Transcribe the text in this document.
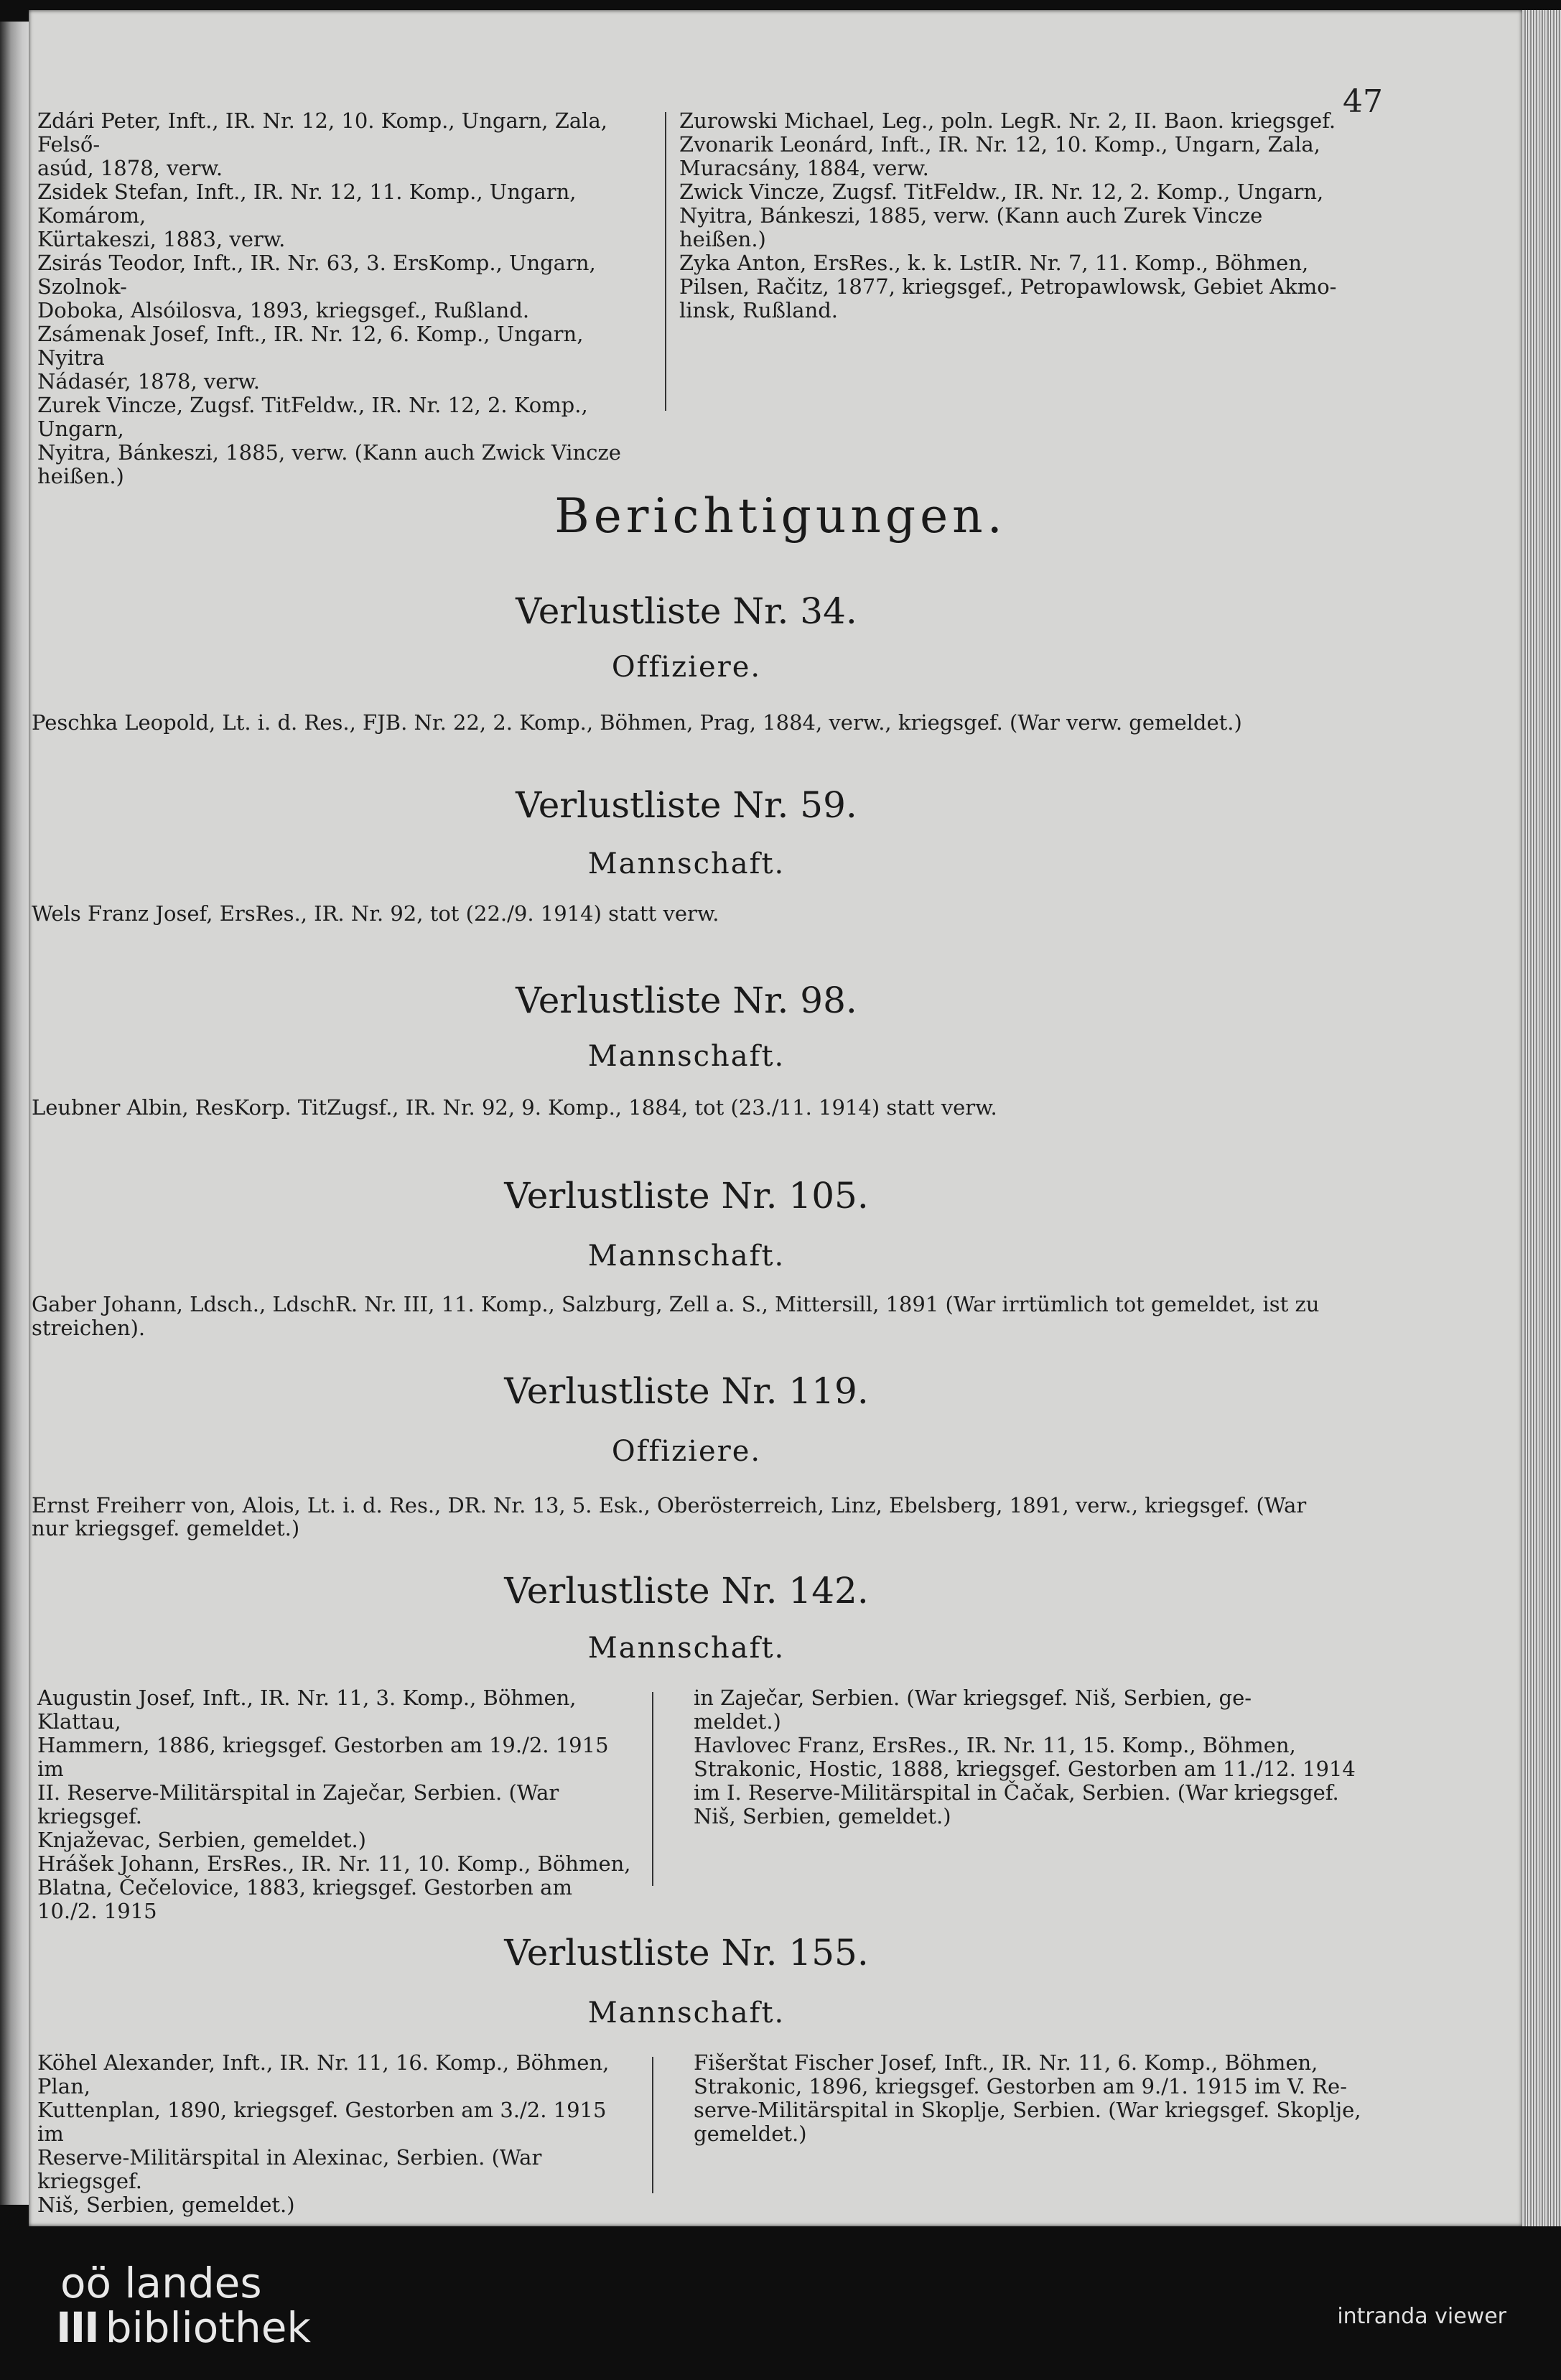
47
Zdári Peter, Inft., IR. Nr. 12, 10. Komp., Ungarn, Zala, Felső-
asúd, 1878, verw.
Zsidek Stefan, Inft., IR. Nr. 12, 11. Komp., Ungarn, Komárom,
Kürtakeszi, 1883, verw.
Zsirás Teodor, Inft., IR. Nr. 63, 3. ErsKomp., Ungarn, Szolnok-
Doboka, Alsóilosva, 1893, kriegsgef., Rußland.
Zsámenak Josef, Inft., IR. Nr. 12, 6. Komp., Ungarn, Nyitra
Nádasér, 1878, verw.
Zurek Vincze, Zugsf. TitFeldw., IR. Nr. 12, 2. Komp., Ungarn,
Nyitra, Bánkeszi, 1885, verw. (Kann auch Zwick Vincze
heißen.)
Zurowski Michael, Leg., poln. LegR. Nr. 2, II. Baon. kriegsgef.
Zvonarik Leonárd, Inft., IR. Nr. 12, 10. Komp., Ungarn, Zala,
Muracsány, 1884, verw.
Zwick Vincze, Zugsf. TitFeldw., IR. Nr. 12, 2. Komp., Ungarn,
Nyitra, Bánkeszi, 1885, verw. (Kann auch Zurek Vincze
heißen.)
Zyka Anton, ErsRes., k. k. LstIR. Nr. 7, 11. Komp., Böhmen,
Pilsen, Račitz, 1877, kriegsgef., Petropawlowsk, Gebiet Akmo-
linsk, Rußland.
Berichtigungen.
Verlustliste Nr. 34.
Offiziere.
Peschka Leopold, Lt. i. d. Res., FJB. Nr. 22, 2. Komp., Böhmen, Prag, 1884, verw., kriegsgef. (War verw. gemeldet.)
Verlustliste Nr. 59.
Mannschaft.
Wels Franz Josef, ErsRes., IR. Nr. 92, tot (22./9. 1914) statt verw.
Verlustliste Nr. 98.
Mannschaft.
Leubner Albin, ResKorp. TitZugsf., IR. Nr. 92, 9. Komp., 1884, tot (23./11. 1914) statt verw.
Verlustliste Nr. 105.
Mannschaft.
Gaber Johann, Ldsch., LdschR. Nr. III, 11. Komp., Salzburg, Zell a. S., Mittersill, 1891 (War irrtümlich tot gemeldet, ist zu streichen).
Verlustliste Nr. 119.
Offiziere.
Ernst Freiherr von, Alois, Lt. i. d. Res., DR. Nr. 13, 5. Esk., Oberösterreich, Linz, Ebelsberg, 1891, verw., kriegsgef. (War
nur kriegsgef. gemeldet.)
Verlustliste Nr. 142.
Mannschaft.
Augustin Josef, Inft., IR. Nr. 11, 3. Komp., Böhmen, Klattau,
Hammern, 1886, kriegsgef. Gestorben am 19./2. 1915 im
II. Reserve-Militärspital in Zaječar, Serbien. (War kriegsgef.
Knjaževac, Serbien, gemeldet.)
Hrášek Johann, ErsRes., IR. Nr. 11, 10. Komp., Böhmen,
Blatna, Čečelovice, 1883, kriegsgef. Gestorben am 10./2. 1915
in Zaječar, Serbien. (War kriegsgef. Niš, Serbien, ge-
meldet.)
Havlovec Franz, ErsRes., IR. Nr. 11, 15. Komp., Böhmen,
Strakonic, Hostic, 1888, kriegsgef. Gestorben am 11./12. 1914
im I. Reserve-Militärspital in Čačak, Serbien. (War kriegsgef.
Niš, Serbien, gemeldet.)
Verlustliste Nr. 155.
Mannschaft.
Köhel Alexander, Inft., IR. Nr. 11, 16. Komp., Böhmen, Plan,
Kuttenplan, 1890, kriegsgef. Gestorben am 3./2. 1915 im
Reserve-Militärspital in Alexinac, Serbien. (War kriegsgef.
Niš, Serbien, gemeldet.)
Fišerštat Fischer Josef, Inft., IR. Nr. 11, 6. Komp., Böhmen,
Strakonic, 1896, kriegsgef. Gestorben am 9./1. 1915 im V. Re-
serve-Militärspital in Skoplje, Serbien. (War kriegsgef. Skoplje,
gemeldet.)
oö landes
III bibliothek	intranda viewer
